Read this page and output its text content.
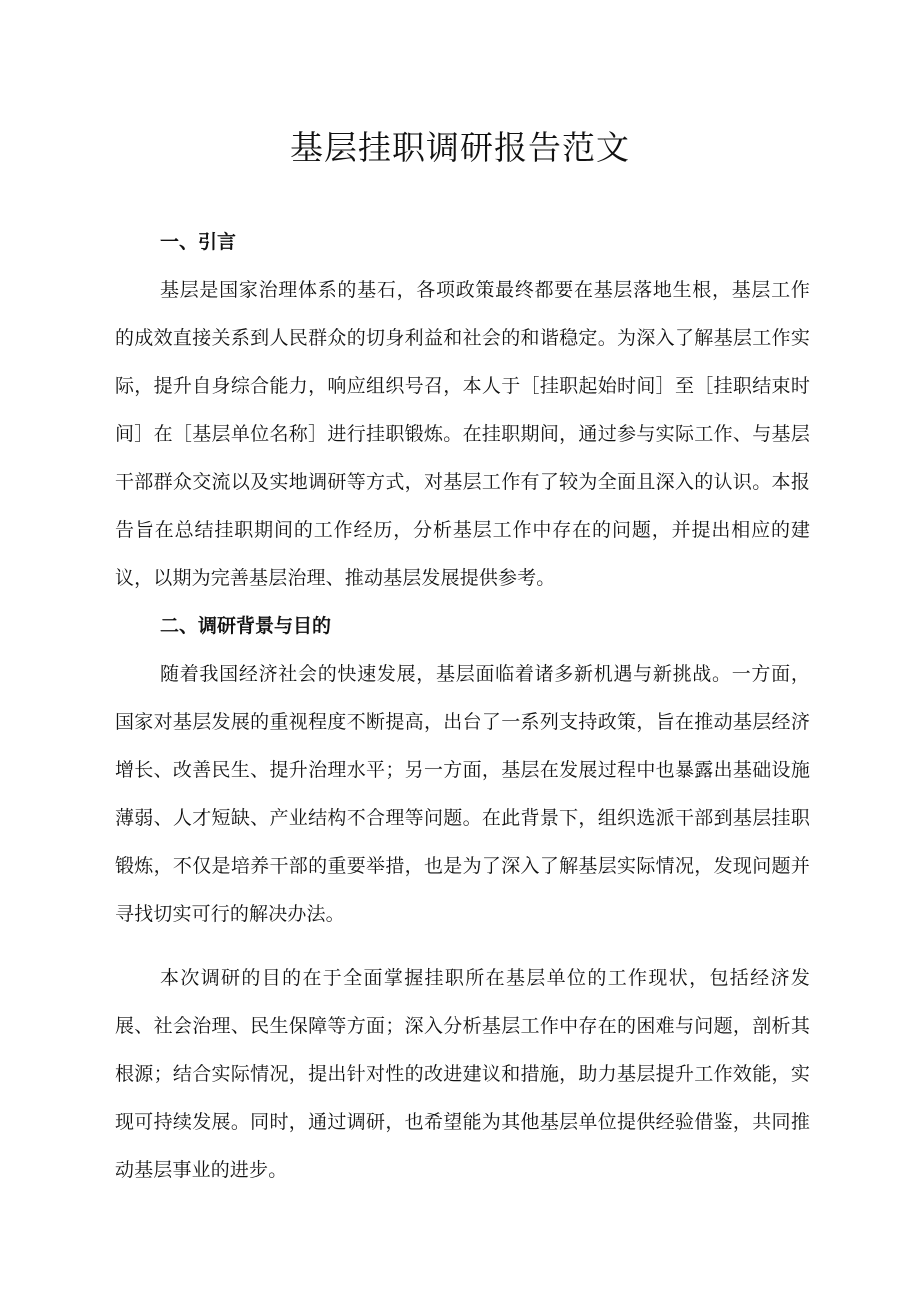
基层挂职调研报告范文
一、引言

基层是国家治理体系的基石，各项政策最终都要在基层落地生根，基层工作的成效直接关系到人民群众的切身利益和社会的和谐稳定。为深入了解基层工作实际，提升自身综合能力，响应组织号召，本人于［挂职起始时间］至［挂职结束时间］在［基层单位名称］进行挂职锻炼。在挂职期间，通过参与实际工作、与基层干部群众交流以及实地调研等方式，对基层工作有了较为全面且深入的认识。本报告旨在总结挂职期间的工作经历，分析基层工作中存在的问题，并提出相应的建议，以期为完善基层治理、推动基层发展提供参考。

二、调研背景与目的

随着我国经济社会的快速发展，基层面临着诸多新机遇与新挑战。一方面，国家对基层发展的重视程度不断提高，出台了一系列支持政策，旨在推动基层经济增长、改善民生、提升治理水平；另一方面，基层在发展过程中也暴露出基础设施薄弱、人才短缺、产业结构不合理等问题。在此背景下，组织选派干部到基层挂职锻炼，不仅是培养干部的重要举措，也是为了深入了解基层实际情况，发现问题并寻找切实可行的解决办法。

本次调研的目的在于全面掌握挂职所在基层单位的工作现状，包括经济发展、社会治理、民生保障等方面；深入分析基层工作中存在的困难与问题，剖析其根源；结合实际情况，提出针对性的改进建议和措施，助力基层提升工作效能，实现可持续发展。同时，通过调研，也希望能为其他基层单位提供经验借鉴，共同推动基层事业的进步。
